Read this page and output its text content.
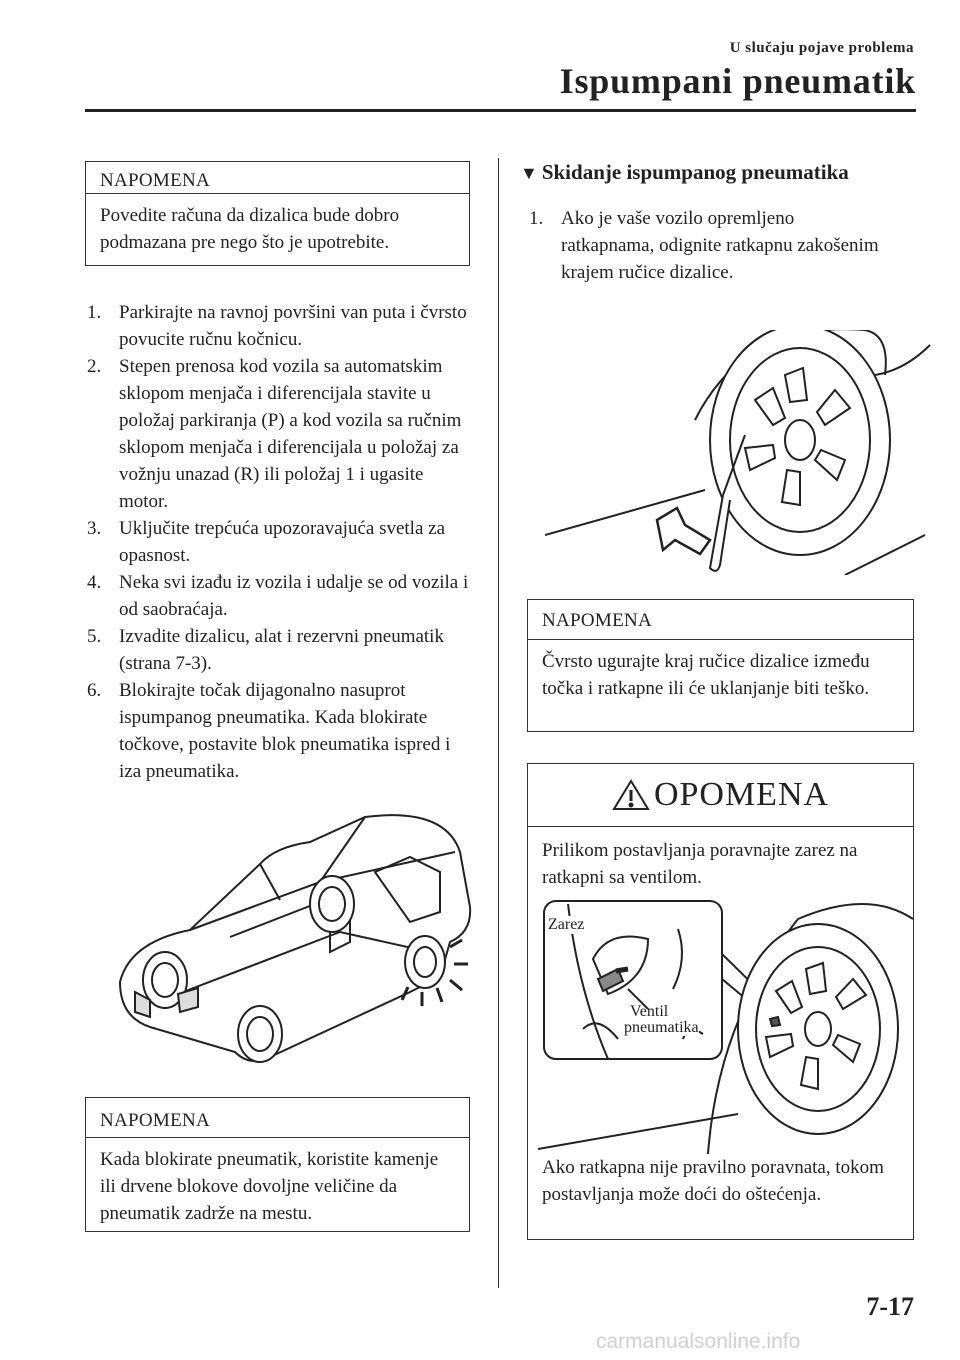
U slučaju pojave problema
Ispumpani pneumatik
NAPOMENA
Povedite računa da dizalica bude dobro podmazana pre nego što je upotrebite.
1. Parkirajte na ravnoj površini van puta i čvrsto povucite ručnu kočnicu.
2. Stepen prenosa kod vozila sa automatskim sklopom menjača i diferencijala stavite u položaj parkiranja (P) a kod vozila sa ručnim sklopom menjača i diferencijala u položaj za vožnju unazad (R) ili položaj 1 i ugasite motor.
3. Uključite trepćuća upozoravajuća svetla za opasnost.
4. Neka svi izađu iz vozila i udalje se od vozila i od saobraćaja.
5. Izvadite dizalicu, alat i rezervni pneumatik (strana 7-3).
6. Blokirajte točak dijagonalno nasuprot ispumpanog pneumatika. Kada blokirate točkove, postavite blok pneumatika ispred i iza pneumatika.
NAPOMENA
Kada blokirate pneumatik, koristite kamenje ili drvene blokove dovoljne veličine da pneumatik zadrže na mestu.
▼ Skidanje ispumpanog pneumatika
1. Ako je vaše vozilo opremljeno ratkapnama, odignite ratkapnu zakošenim krajem ručice dizalice.
NAPOMENA
Čvrsto ugurajte kraj ručice dizalice između točka i ratkapne ili će uklanjanje biti teško.
OPOMENA
Prilikom postavljanja poravnajte zarez na ratkapni sa ventilom.
Zarez
Ventil
pneumatika
Ako ratkapna nije pravilno poravnata, tokom postavljanja može doći do oštećenja.
7-17
carmanualsonline.info
